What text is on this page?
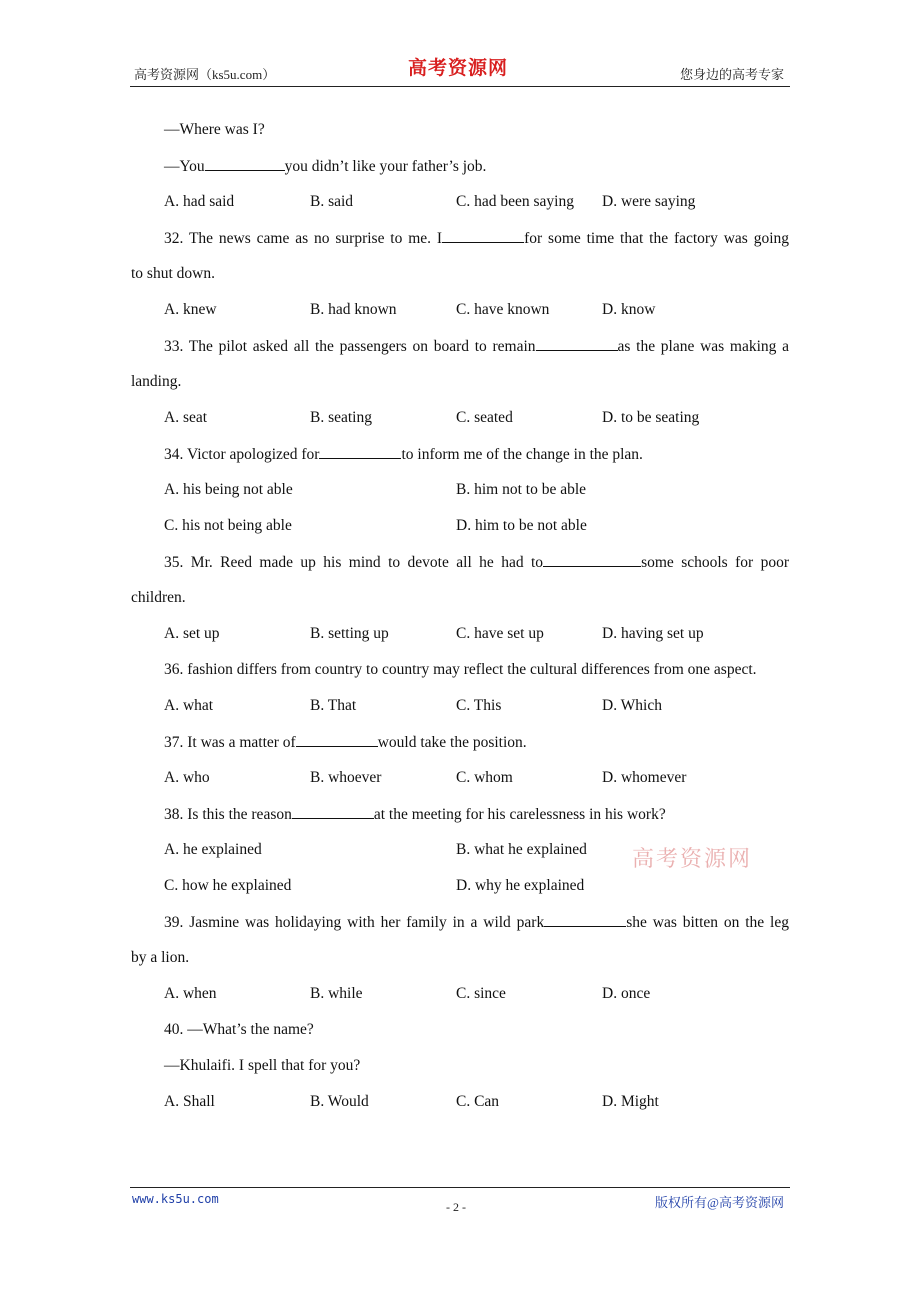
高考资源网（ks5u.com）	高考资源网	您身边的高考专家
—Where was I?
—You	you didn’t like your father’s job.
A. had said	B. said	C. had been saying	D. were saying
32. The news came as no surprise to me. I	for some time that the factory was going
to shut down.
A. knew	B. had known	C. have known	D. know
33. The pilot asked all the passengers on board to remain	as the plane was making a
landing.
A. seat	B. seating	C. seated	D. to be seating
34. Victor apologized for	to inform me of the change in the plan.
A. his being not able	B. him not to be able
C. his not being able	D. him to be not able
35. Mr. Reed made up his mind to devote all he had to	some schools for poor
children.
A. set up	B. setting up	C. have set up	D. having set up
36. fashion differs from country to country may reflect the cultural differences from one aspect.
A. what	B. That	C. This	D. Which
37. It was a matter of	would take the position.
A. who	B. whoever	C. whom	D. whomever
38. Is this the reason	at the meeting for his carelessness in his work?
A. he explained	B. what he explained
C. how he explained	D. why he explained
39. Jasmine was holidaying with her family in a wild park	she was bitten on the leg
by a lion.
A. when	B. while	C. since	D. once
40. —What’s the name?
—Khulaifi. I spell that for you?
A. Shall	B. Would	C. Can	D. Might
高考资源网
www.ks5u.com
- 2 -	版权所有@高考资源网
